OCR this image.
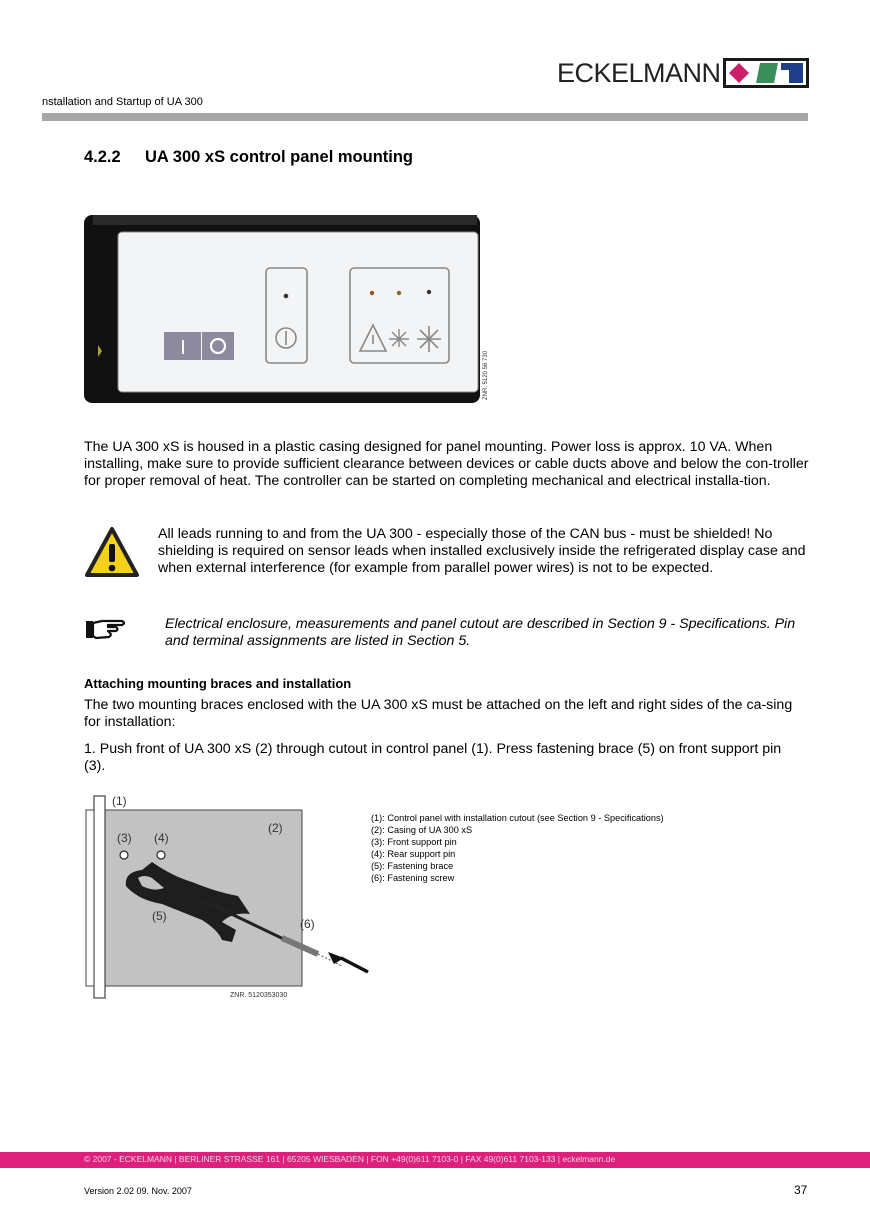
ECKELMANN
nstallation and Startup of UA 300
4.2.2 UA 300 xS control panel mounting
I
ZNR. 5120 56 730
The UA 300 xS is housed in a plastic casing designed for panel mounting. Power loss is approx. 10 VA. When installing, make sure to provide sufficient clearance between devices or cable ducts above and below the con-troller for proper removal of heat. The controller can be started on completing mechanical and electrical installa-tion.
All leads running to and from the UA 300 - especially those of the CAN bus - must be shielded! No shielding is required on sensor leads when installed exclusively inside the refrigerated display case and when external interference (for example from parallel power wires) is not to be expected.
Electrical enclosure, measurements and panel cutout are described in Section 9 - Specifications. Pin and terminal assignments are listed in Section 5.
Attaching mounting braces and installation
The two mounting braces enclosed with the UA 300 xS must be attached on the left and right sides of the ca-sing for installation:
1. Push front of UA 300 xS (2) through cutout in control panel (1). Press fastening brace (5) on front support pin (3).
(1)
(2)
(3) (4)
(5)
(6)
ZNR. 5120353030
(1): Control panel with installation cutout (see Section 9 - Specifications)
(2): Casing of UA 300 xS
(3): Front support pin
(4): Rear support pin
(5): Fastening brace
(6): Fastening screw
© 2007 - ECKELMANN | BERLINER STRASSE 161 | 65205 WIESBADEN | FON +49(0)611 7103-0 | FAX 49(0)611 7103-133 | eckelmann.de
Version 2.02 09. Nov. 2007	37
